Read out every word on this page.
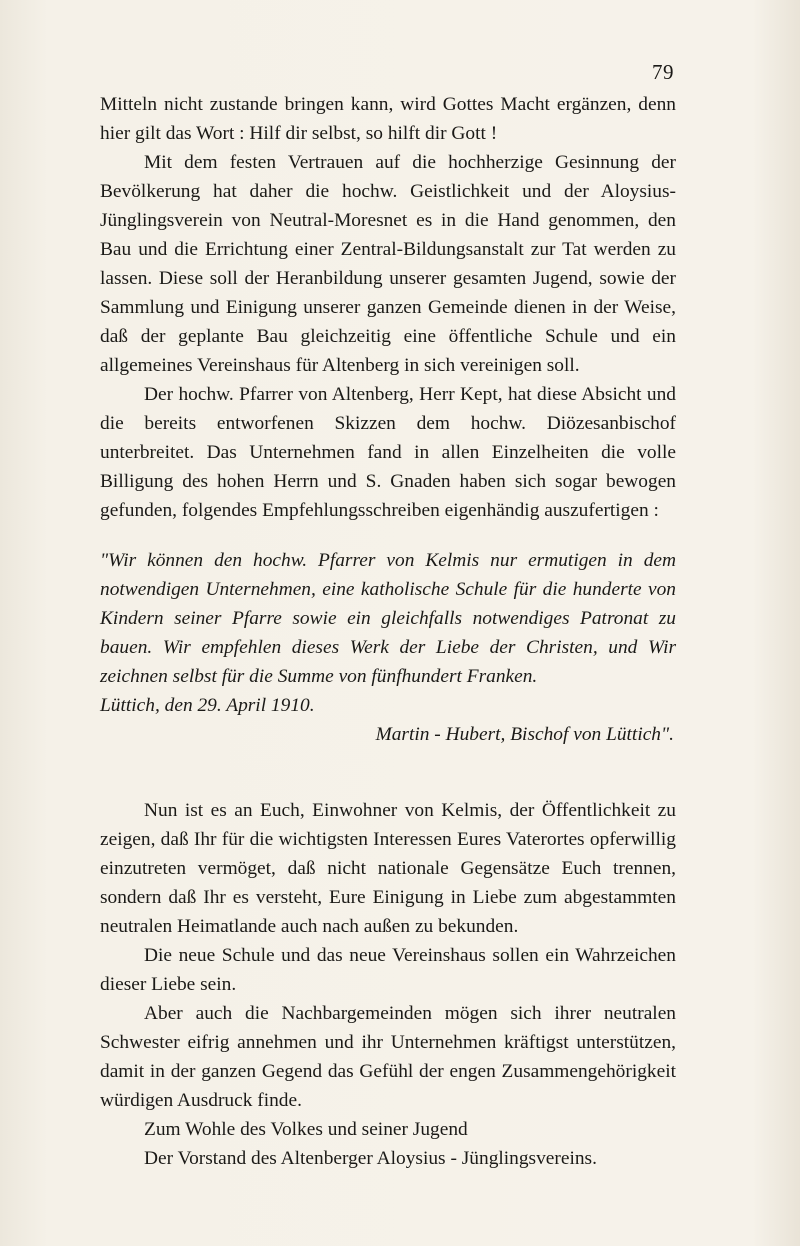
79

Mitteln nicht zustande bringen kann, wird Gottes Macht ergänzen, denn hier gilt das Wort : Hilf dir selbst, so hilft dir Gott !

Mit dem festen Vertrauen auf die hochherzige Gesinnung der Bevölkerung hat daher die hochw. Geistlichkeit und der Aloysius-Jünglingsverein von Neutral-Moresnet es in die Hand genommen, den Bau und die Errichtung einer Zentral-Bildungsanstalt zur Tat werden zu lassen. Diese soll der Heranbildung unserer gesamten Jugend, sowie der Sammlung und Einigung unserer ganzen Gemeinde dienen in der Weise, daß der geplante Bau gleichzeitig eine öffentliche Schule und ein allgemeines Vereinshaus für Altenberg in sich vereinigen soll.

Der hochw. Pfarrer von Altenberg, Herr Kept, hat diese Absicht und die bereits entworfenen Skizzen dem hochw. Diözesanbischof unterbreitet. Das Unternehmen fand in allen Einzelheiten die volle Billigung des hohen Herrn und S. Gnaden haben sich sogar bewogen gefunden, folgendes Empfehlungsschreiben eigenhändig auszufertigen :

"Wir können den hochw. Pfarrer von Kelmis nur ermutigen in dem notwendigen Unternehmen, eine katholische Schule für die hunderte von Kindern seiner Pfarre sowie ein gleichfalls notwendiges Patronat zu bauen. Wir empfehlen dieses Werk der Liebe der Christen, und Wir zeichnen selbst für die Summe von fünfhundert Franken.

Lüttich, den 29. April 1910.

Martin - Hubert, Bischof von Lüttich".

Nun ist es an Euch, Einwohner von Kelmis, der Öffentlichkeit zu zeigen, daß Ihr für die wichtigsten Interessen Eures Vaterortes opferwillig einzutreten vermöget, daß nicht nationale Gegensätze Euch trennen, sondern daß Ihr es versteht, Eure Einigung in Liebe zum abgestammten neutralen Heimatlande auch nach außen zu bekunden.

Die neue Schule und das neue Vereinshaus sollen ein Wahrzeichen dieser Liebe sein.

Aber auch die Nachbargemeinden mögen sich ihrer neutralen Schwester eifrig annehmen und ihr Unternehmen kräftigst unterstützen, damit in der ganzen Gegend das Gefühl der engen Zusammengehörigkeit würdigen Ausdruck finde.

Zum Wohle des Volkes und seiner Jugend

Der Vorstand des Altenberger Aloysius - Jünglingsvereins.
